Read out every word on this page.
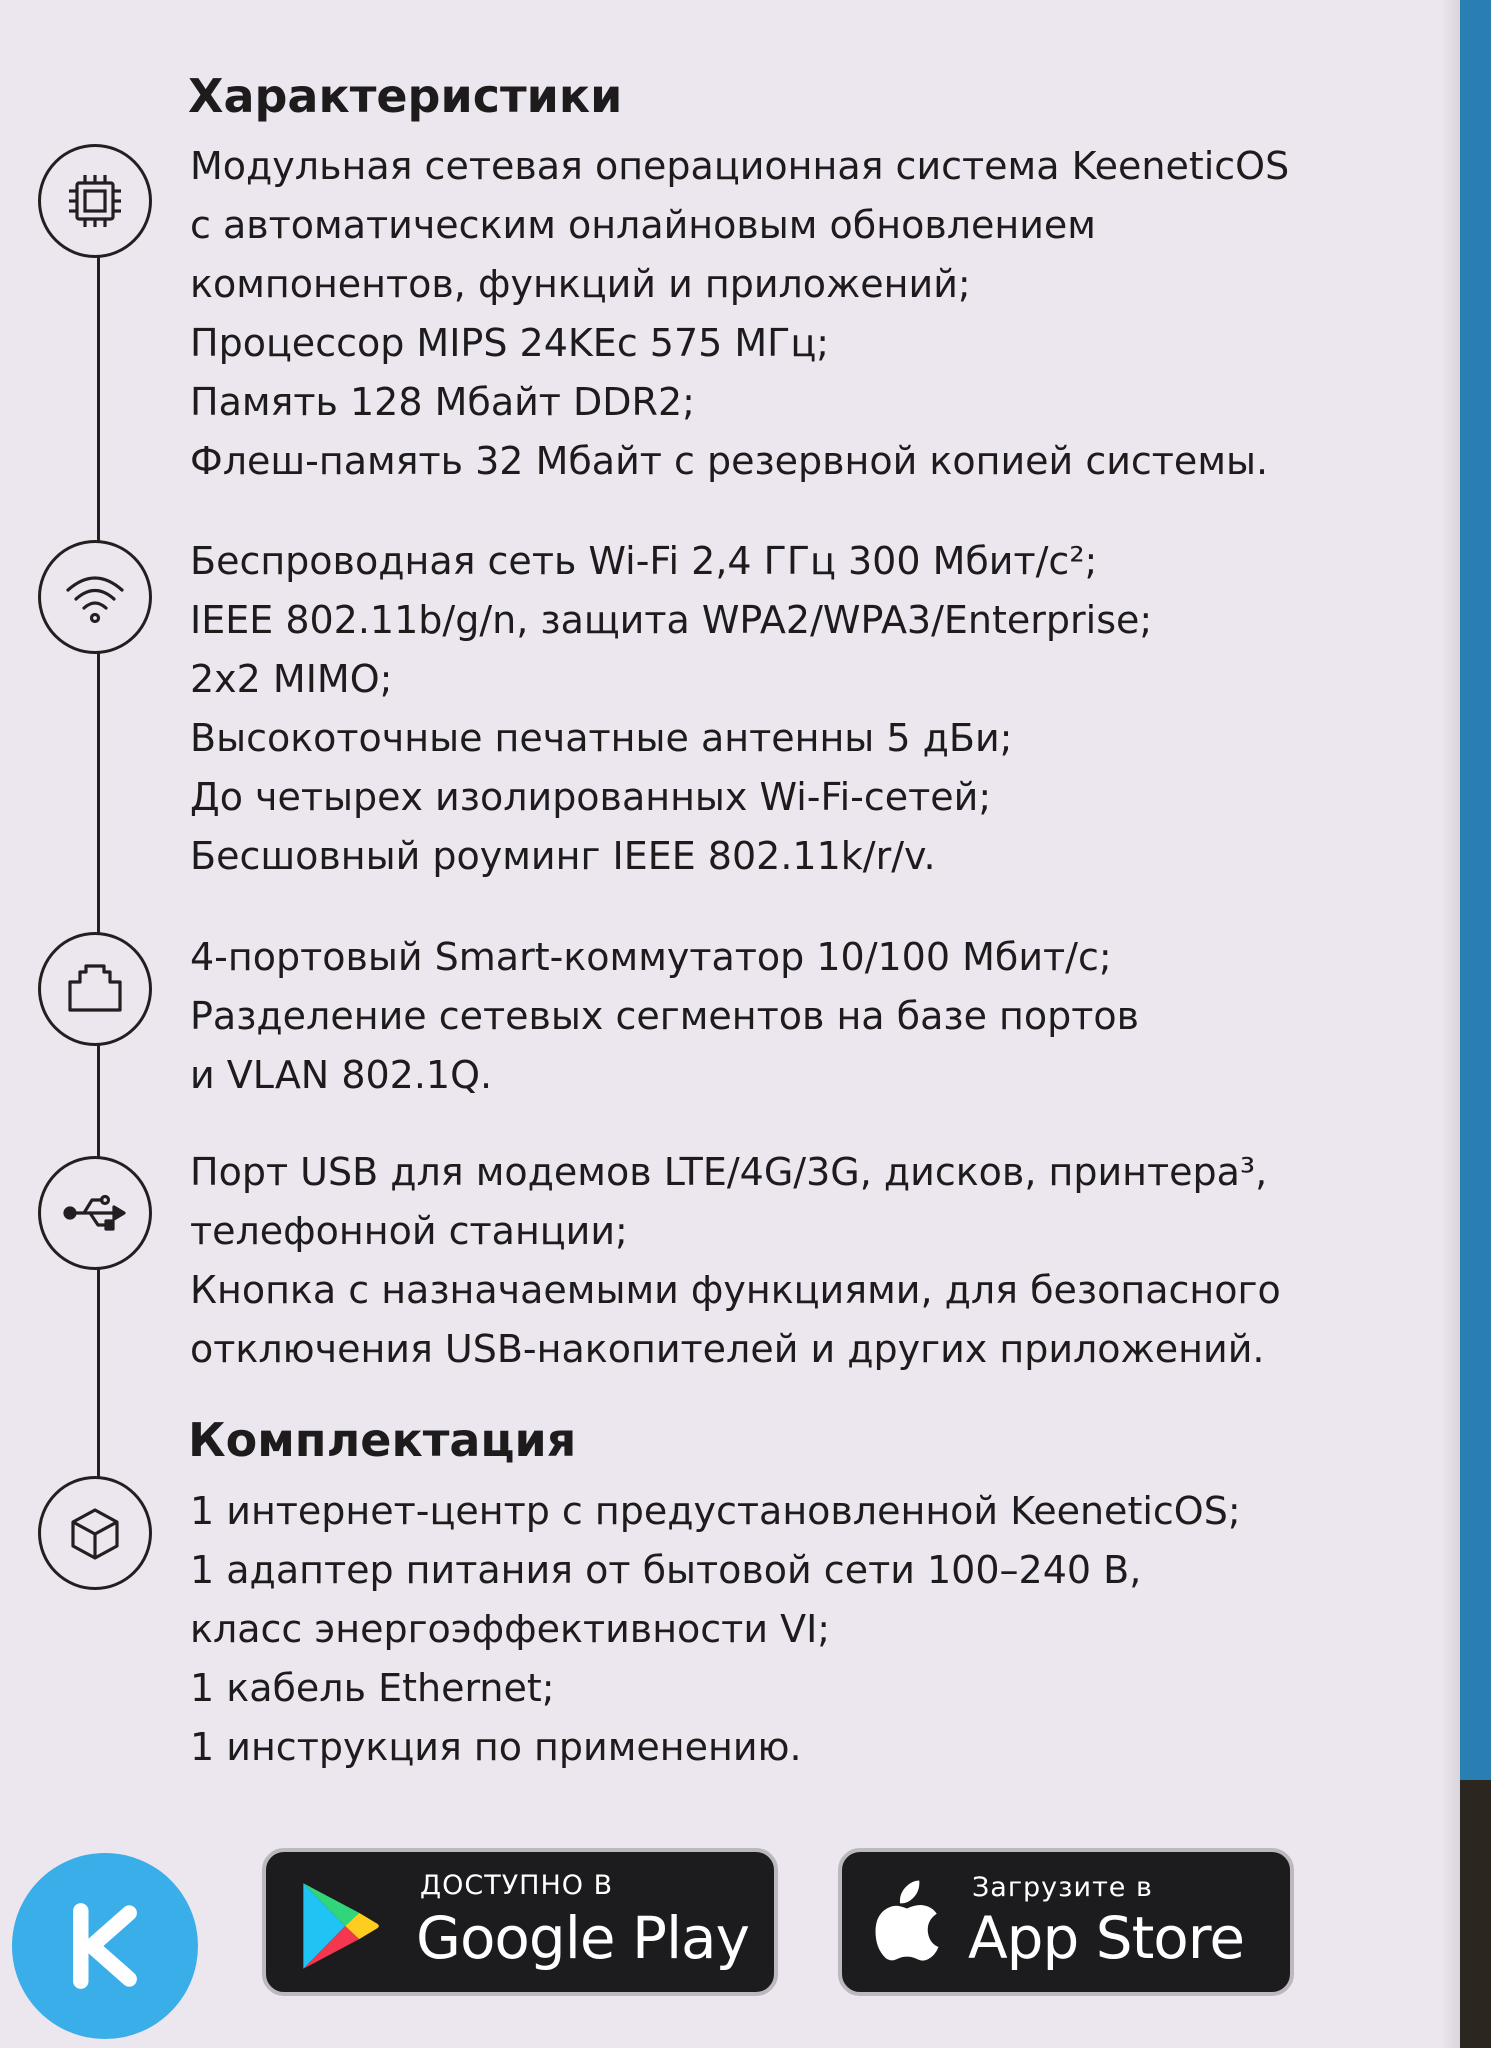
Характеристики
Модульная сетевая операционная система KeeneticOS
с автоматическим онлайновым обновлением
компонентов, функций и приложений;
Процессор MIPS 24KEc 575 МГц;
Память 128 Мбайт DDR2;
Флеш-память 32 Мбайт с резервной копией системы.
Беспроводная сеть Wi-Fi 2,4 ГГц 300 Мбит/с²;
IEEE 802.11b/g/n, защита WPA2/WPA3/Enterprise;
2x2 MIMO;
Высокоточные печатные антенны 5 дБи;
До четырех изолированных Wi-Fi-сетей;
Бесшовный роуминг IEEE 802.11k/r/v.
4-портовый Smart-коммутатор 10/100 Мбит/с;
Разделение сетевых сегментов на базе портов
и VLAN 802.1Q.
Порт USB для модемов LTE/4G/3G, дисков, принтера³,
телефонной станции;
Кнопка с назначаемыми функциями, для безопасного
отключения USB-накопителей и других приложений.
Комплектация
1 интернет-центр с предустановленной KeeneticOS;
1 адаптер питания от бытовой сети 100–240 В,
класс энергоэффективности VI;
1 кабель Ethernet;
1 инструкция по применению.
ДОСТУПНО В
Google Play
Загрузите в
App Store
